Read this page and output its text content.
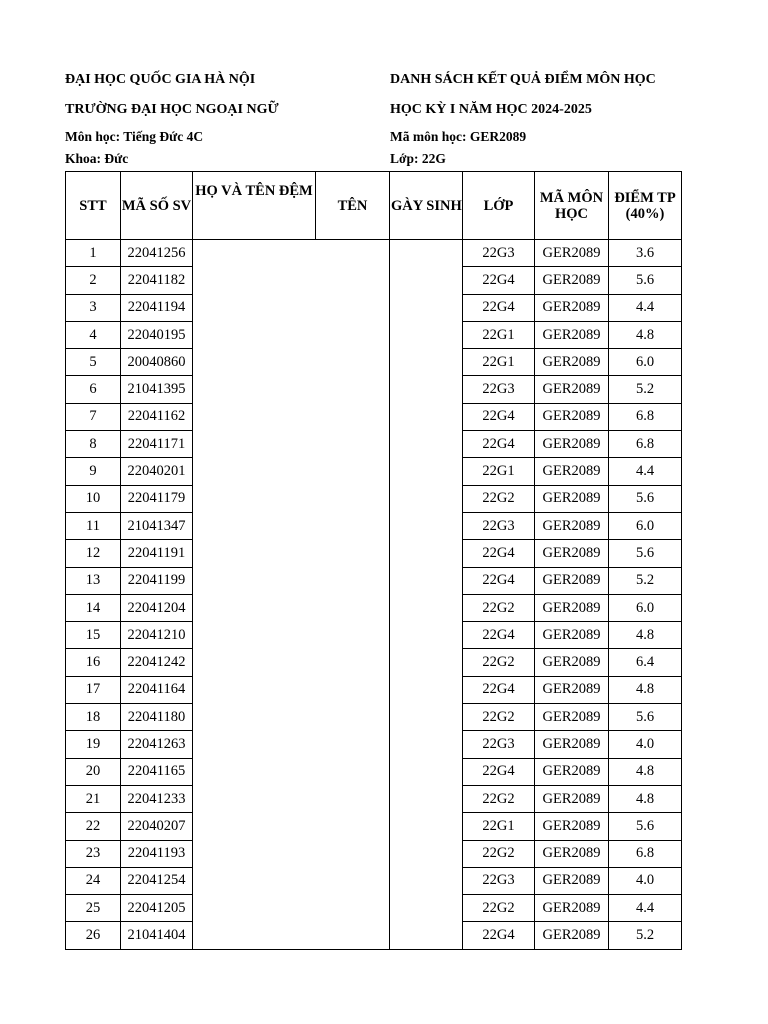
ĐẠI HỌC QUỐC GIA HÀ NỘI
TRƯỜNG ĐẠI HỌC NGOẠI NGỮ
Môn học: Tiếng Đức 4C
Khoa: Đức
DANH SÁCH KẾT QUẢ ĐIỂM MÔN HỌC
HỌC KỲ I NĂM HỌC 2024-2025
Mã môn học: GER2089
Lớp: 22G
STT	MÃ SỐ SV	HỌ VÀ TÊN ĐỆM	TÊN	GÀY SINH	LỚP	MÃ MÔN HỌC	ĐIỂM TP (40%)
1	22041256				22G3	GER2089	3.6
2	22041182				22G4	GER2089	5.6
3	22041194				22G4	GER2089	4.4
4	22040195				22G1	GER2089	4.8
5	20040860				22G1	GER2089	6.0
6	21041395				22G3	GER2089	5.2
7	22041162				22G4	GER2089	6.8
8	22041171				22G4	GER2089	6.8
9	22040201				22G1	GER2089	4.4
10	22041179				22G2	GER2089	5.6
11	21041347				22G3	GER2089	6.0
12	22041191				22G4	GER2089	5.6
13	22041199				22G4	GER2089	5.2
14	22041204				22G2	GER2089	6.0
15	22041210				22G4	GER2089	4.8
16	22041242				22G2	GER2089	6.4
17	22041164				22G4	GER2089	4.8
18	22041180				22G2	GER2089	5.6
19	22041263				22G3	GER2089	4.0
20	22041165				22G4	GER2089	4.8
21	22041233				22G2	GER2089	4.8
22	22040207				22G1	GER2089	5.6
23	22041193				22G2	GER2089	6.8
24	22041254				22G3	GER2089	4.0
25	22041205				22G2	GER2089	4.4
26	21041404				22G4	GER2089	5.2
